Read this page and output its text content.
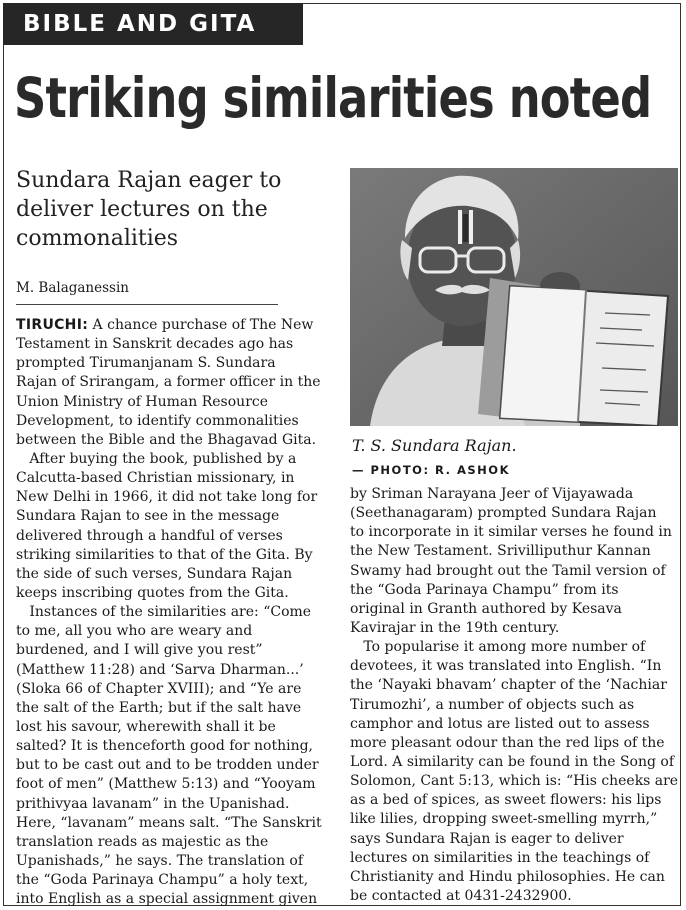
BIBLE AND GITA
Striking similarities noted
Sundara Rajan eager to
deliver lectures on the
commonalities
M. Balaganessin
T. S. Sundara Rajan.
— PHOTO: R. ASHOK
TIRUCHI: A chance purchase of The New
Testament in Sanskrit decades ago has
prompted Tirumanjanam S. Sundara
Rajan of Srirangam, a former officer in the
Union Ministry of Human Resource
Development, to identify commonalities
between the Bible and the Bhagavad Gita.
After buying the book, published by a
Calcutta-based Christian missionary, in
New Delhi in 1966, it did not take long for
Sundara Rajan to see in the message
delivered through a handful of verses
striking similarities to that of the Gita. By
the side of such verses, Sundara Rajan
keeps inscribing quotes from the Gita.
Instances of the similarities are: “Come
to me, all you who are weary and
burdened, and I will give you rest”
(Matthew 11:28) and ‘Sarva Dharman...’
(Sloka 66 of Chapter XVIII); and “Ye are
the salt of the Earth; but if the salt have
lost his savour, wherewith shall it be
salted? It is thenceforth good for nothing,
but to be cast out and to be trodden under
foot of men” (Matthew 5:13) and “Yooyam
prithivyaa lavanam” in the Upanishad.
Here, “lavanam” means salt. “The Sanskrit
translation reads as majestic as the
Upanishads,” he says. The translation of
the “Goda Parinaya Champu” a holy text,
into English as a special assignment given
by Sriman Narayana Jeer of Vijayawada
(Seethanagaram) prompted Sundara Rajan
to incorporate in it similar verses he found in
the New Testament. Srivilliputhur Kannan
Swamy had brought out the Tamil version of
the “Goda Parinaya Champu” from its
original in Granth authored by Kesava
Kavirajar in the 19th century.
To popularise it among more number of
devotees, it was translated into English. “In
the ‘Nayaki bhavam’ chapter of the ‘Nachiar
Tirumozhi’, a number of objects such as
camphor and lotus are listed out to assess
more pleasant odour than the red lips of the
Lord. A similarity can be found in the Song of
Solomon, Cant 5:13, which is: “His cheeks are
as a bed of spices, as sweet flowers: his lips
like lilies, dropping sweet-smelling myrrh,”
says Sundara Rajan is eager to deliver
lectures on similarities in the teachings of
Christianity and Hindu philosophies. He can
be contacted at 0431-2432900.
